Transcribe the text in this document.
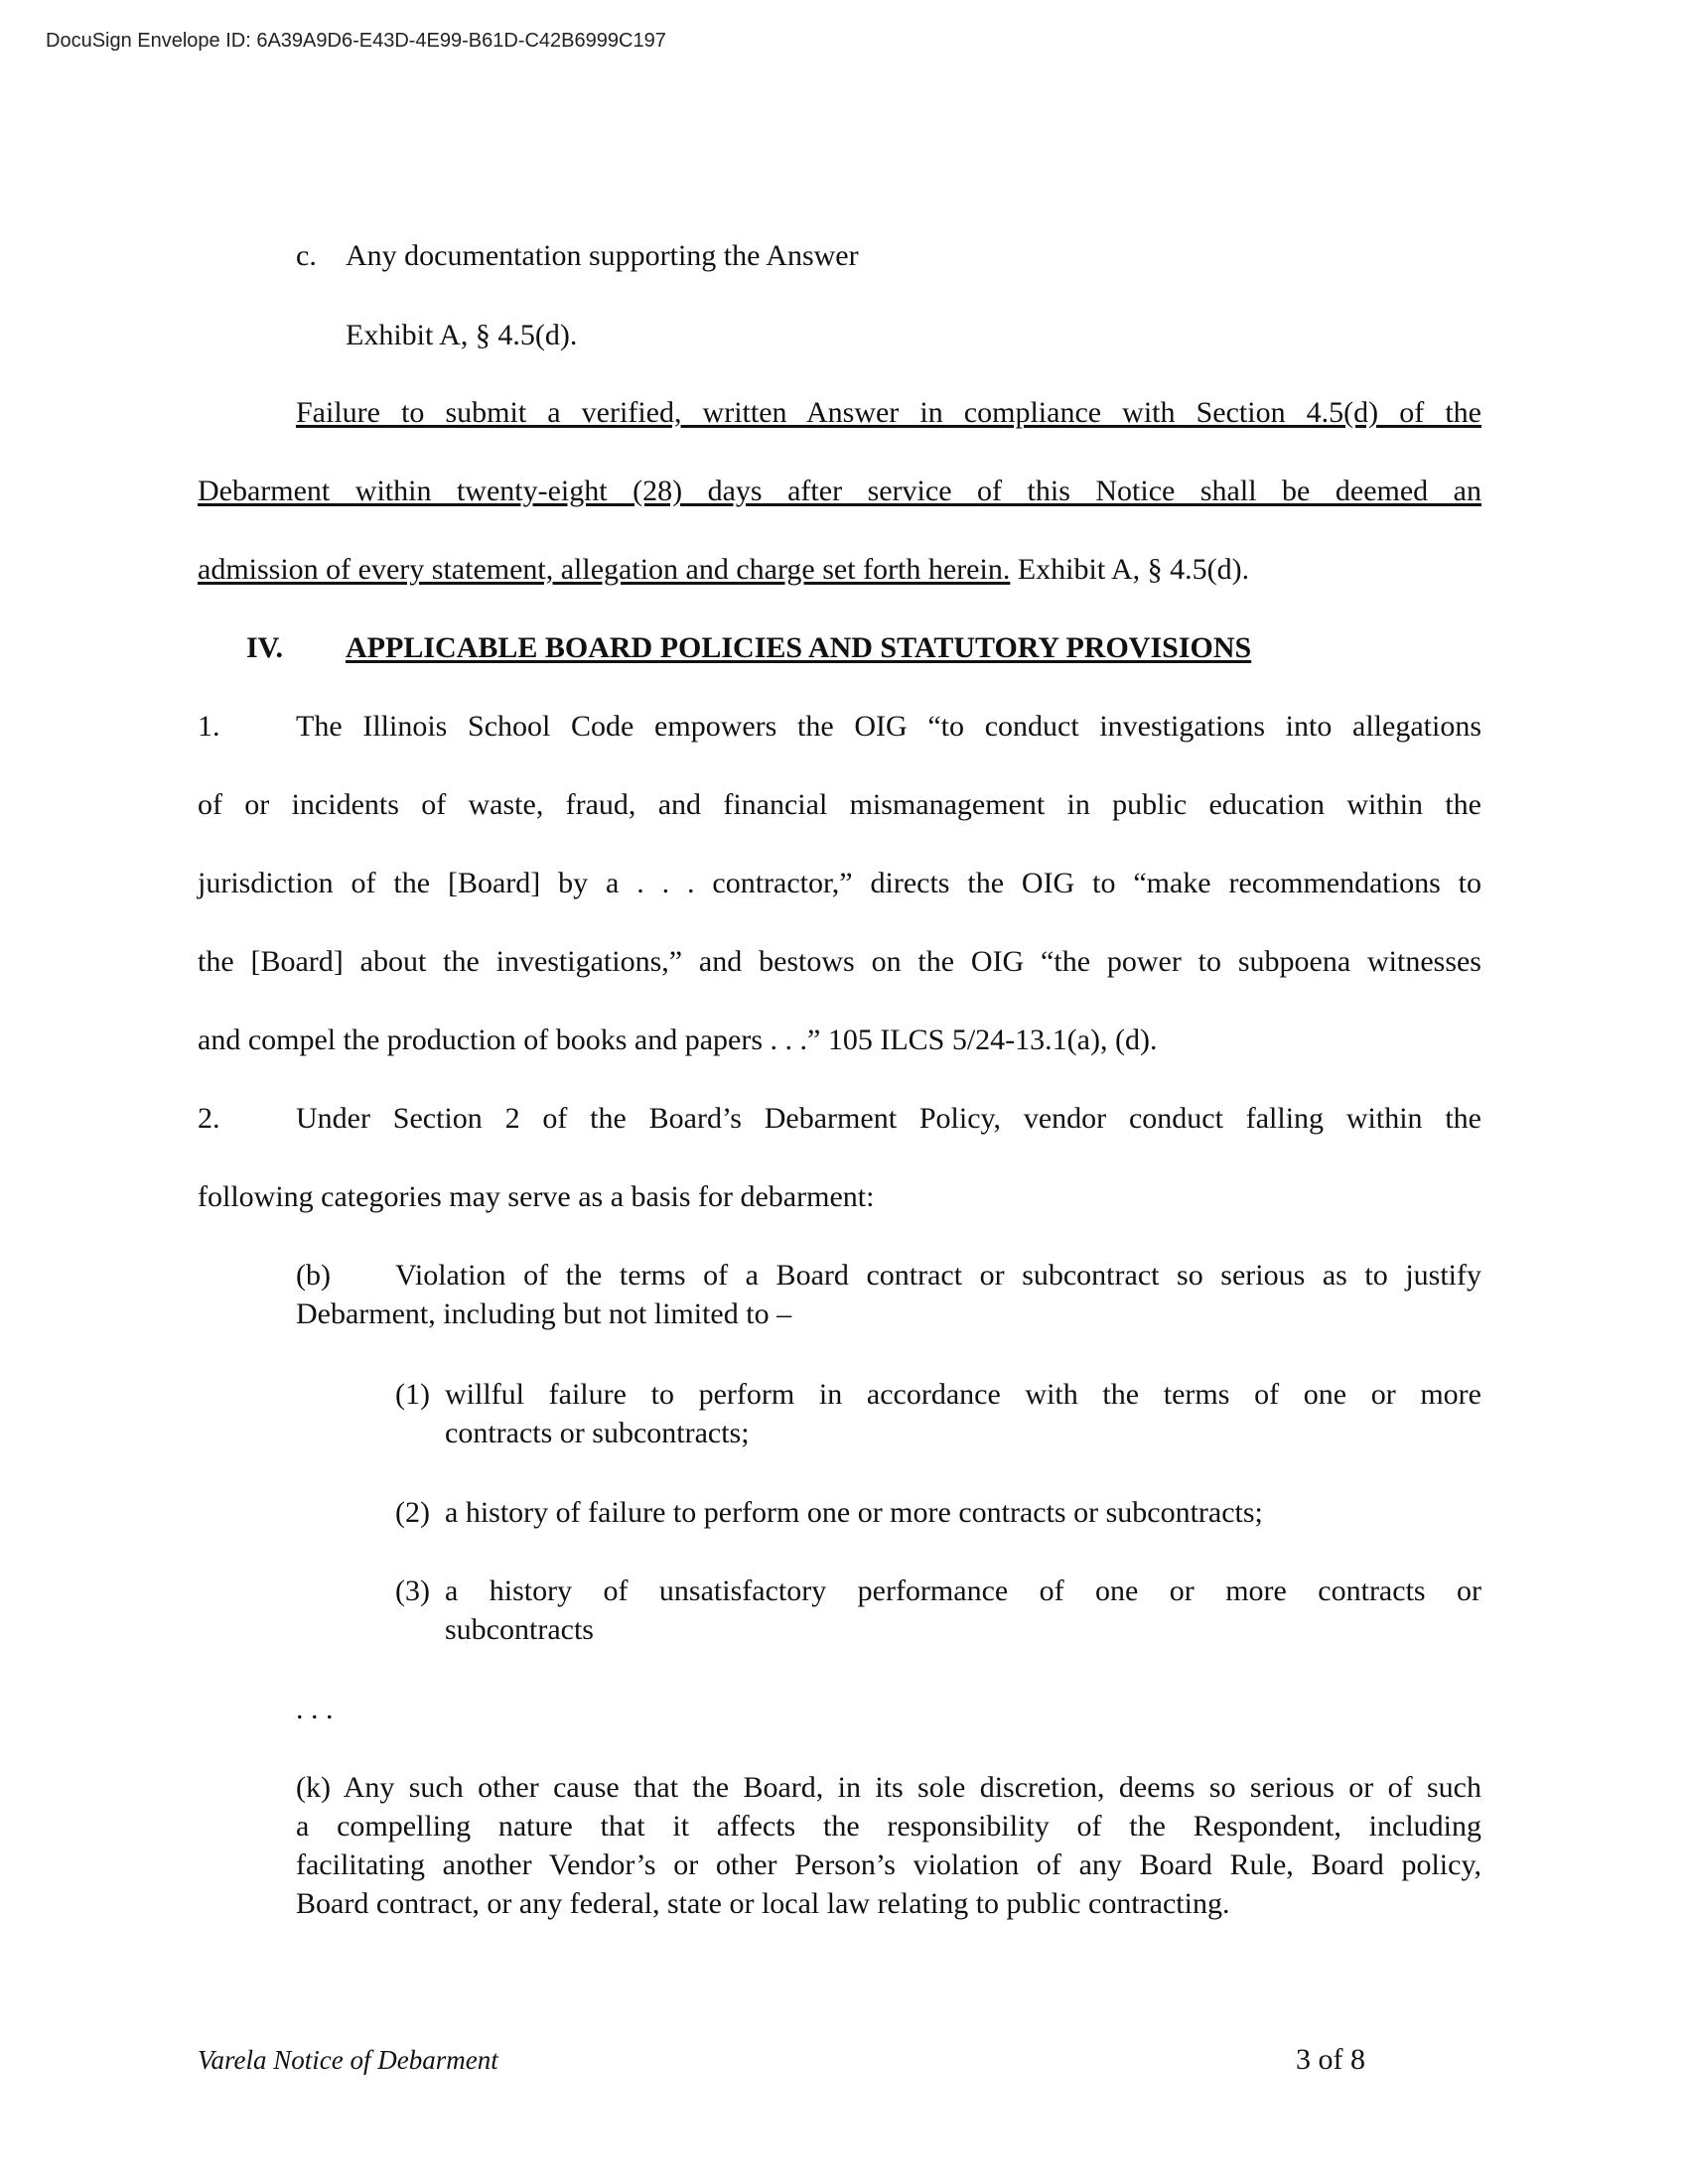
DocuSign Envelope ID: 6A39A9D6-E43D-4E99-B61D-C42B6999C197
c. Any documentation supporting the Answer
Exhibit A, § 4.5(d).
Failure to submit a verified, written Answer in compliance with Section 4.5(d) of the
Debarment within twenty-eight (28) days after service of this Notice shall be deemed an
admission of every statement, allegation and charge set forth herein. Exhibit A, § 4.5(d).
IV. APPLICABLE BOARD POLICIES AND STATUTORY PROVISIONS
1.	The Illinois School Code empowers the OIG “to conduct investigations into allegations
of or incidents of waste, fraud, and financial mismanagement in public education within the
jurisdiction of the [Board] by a . . . contractor,” directs the OIG to “make recommendations to
the [Board] about the investigations,” and bestows on the OIG “the power to subpoena witnesses
and compel the production of books and papers . . .” 105 ILCS 5/24-13.1(a), (d).
2.	Under Section 2 of the Board’s Debarment Policy, vendor conduct falling within the
following categories may serve as a basis for debarment:
(b) Violation of the terms of a Board contract or subcontract so serious as to justify
Debarment, including but not limited to –
(1) willful failure to perform in accordance with the terms of one or more
contracts or subcontracts;
(2) a history of failure to perform one or more contracts or subcontracts;
(3) a history of unsatisfactory performance of one or more contracts or
subcontracts
. . .
(k) Any such other cause that the Board, in its sole discretion, deems so serious or of such
a compelling nature that it affects the responsibility of the Respondent, including
facilitating another Vendor’s or other Person’s violation of any Board Rule, Board policy,
Board contract, or any federal, state or local law relating to public contracting.
Varela Notice of Debarment	3 of 8
